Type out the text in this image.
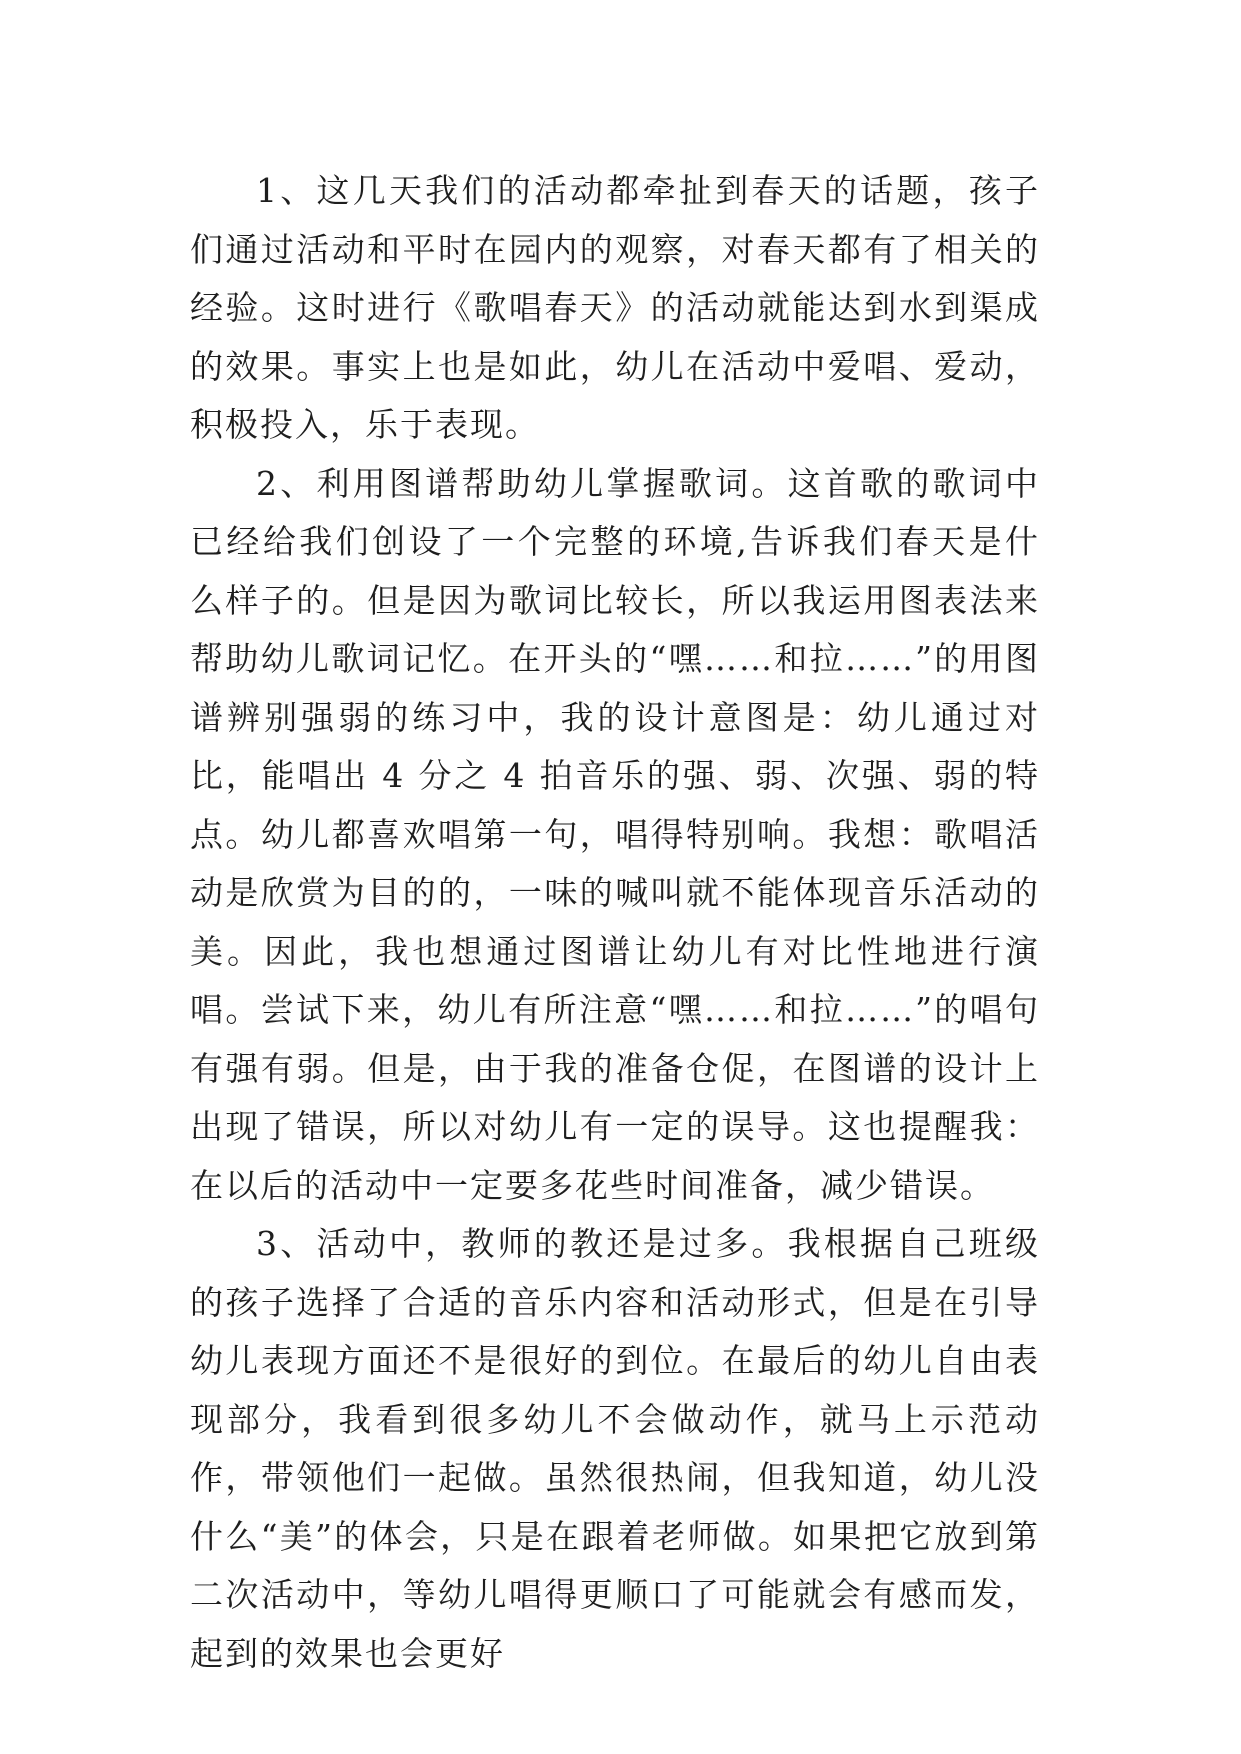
1、这几天我们的活动都牵扯到春天的话题，孩子们通过活动和平时在园内的观察，对春天都有了相关的经验。这时进行《歌唱春天》的活动就能达到水到渠成的效果。事实上也是如此，幼儿在活动中爱唱、爱动，积极投入，乐于表现。

2、利用图谱帮助幼儿掌握歌词。这首歌的歌词中已经给我们创设了一个完整的环境,告诉我们春天是什么样子的。但是因为歌词比较长，所以我运用图表法来帮助幼儿歌词记忆。在开头的“嘿……和拉……”的用图谱辨别强弱的练习中，我的设计意图是：幼儿通过对比，能唱出 4 分之 4 拍音乐的强、弱、次强、弱的特点。幼儿都喜欢唱第一句，唱得特别响。我想：歌唱活动是欣赏为目的的，一味的喊叫就不能体现音乐活动的美。因此，我也想通过图谱让幼儿有对比性地进行演唱。尝试下来，幼儿有所注意“嘿……和拉……”的唱句有强有弱。但是，由于我的准备仓促，在图谱的设计上出现了错误，所以对幼儿有一定的误导。这也提醒我：在以后的活动中一定要多花些时间准备，减少错误。

3、活动中，教师的教还是过多。我根据自己班级的孩子选择了合适的音乐内容和活动形式，但是在引导幼儿表现方面还不是很好的到位。在最后的幼儿自由表现部分，我看到很多幼儿不会做动作，就马上示范动作，带领他们一起做。虽然很热闹，但我知道，幼儿没什么“美”的体会，只是在跟着老师做。如果把它放到第二次活动中，等幼儿唱得更顺口了可能就会有感而发，起到的效果也会更好
